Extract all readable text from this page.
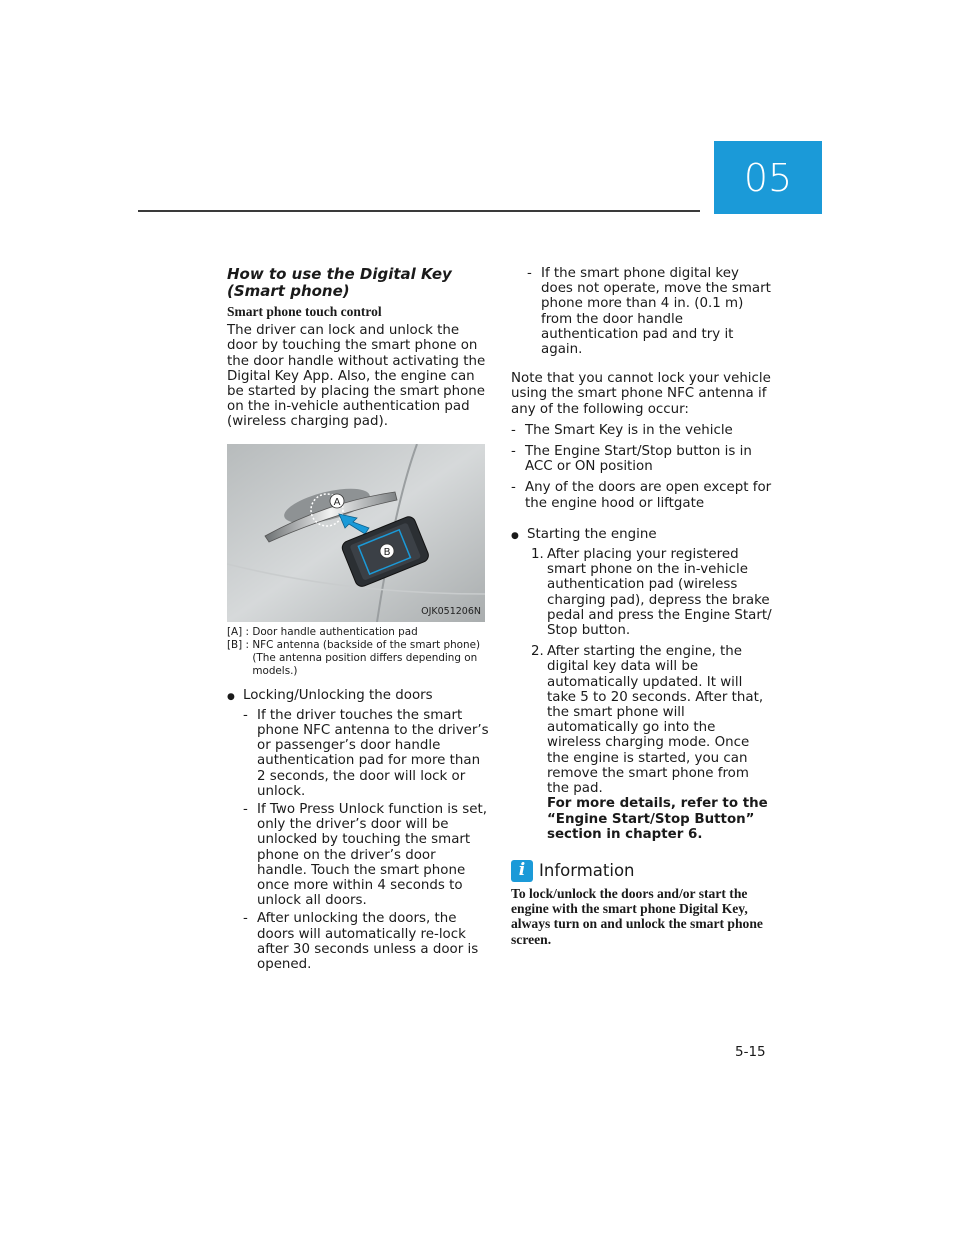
05
How to use the Digital Key (Smart phone)
Smart phone touch control

The driver can lock and unlock the door by touching the smart phone on the door handle without activating the Digital Key App. Also, the engine can be started by placing the smart phone on the in-vehicle authentication pad (wireless charging pad).

A
B
OJK051206N
[A] : Door handle authentication pad
[B] : NFC antenna (backside of the smart phone) (The antenna position differs depending on models.)
● Locking/Unlocking the doors
- If the driver touches the smart phone NFC antenna to the driver’s or passenger’s door handle authentication pad for more than 2 seconds, the door will lock or unlock.
- If Two Press Unlock function is set, only the driver’s door will be unlocked by touching the smart phone on the driver’s door handle. Touch the smart phone once more within 4 seconds to unlock all doors.
- After unlocking the doors, the doors will automatically re-lock after 30 seconds unless a door is opened.
- If the smart phone digital key does not operate, move the smart phone more than 4 in. (0.1 m) from the door handle authentication pad and try it again.

Note that you cannot lock your vehicle using the smart phone NFC antenna if any of the following occur:

- The Smart Key is in the vehicle
- The Engine Start/Stop button is in ACC or ON position
- Any of the doors are open except for the engine hood or liftgate
● Starting the engine
1. After placing your registered smart phone on the in-vehicle authentication pad (wireless charging pad), depress the brake pedal and press the Engine Start/ Stop button.
2. After starting the engine, the digital key data will be automatically updated. It will take 5 to 20 seconds. After that, the smart phone will automatically go into the wireless charging mode. Once the engine is started, you can remove the smart phone from the pad.
For more details, refer to the “Engine Start/Stop Button” section in chapter 6.
i Information
To lock/unlock the doors and/or start the engine with the smart phone Digital Key, always turn on and unlock the smart phone screen.
5-15
